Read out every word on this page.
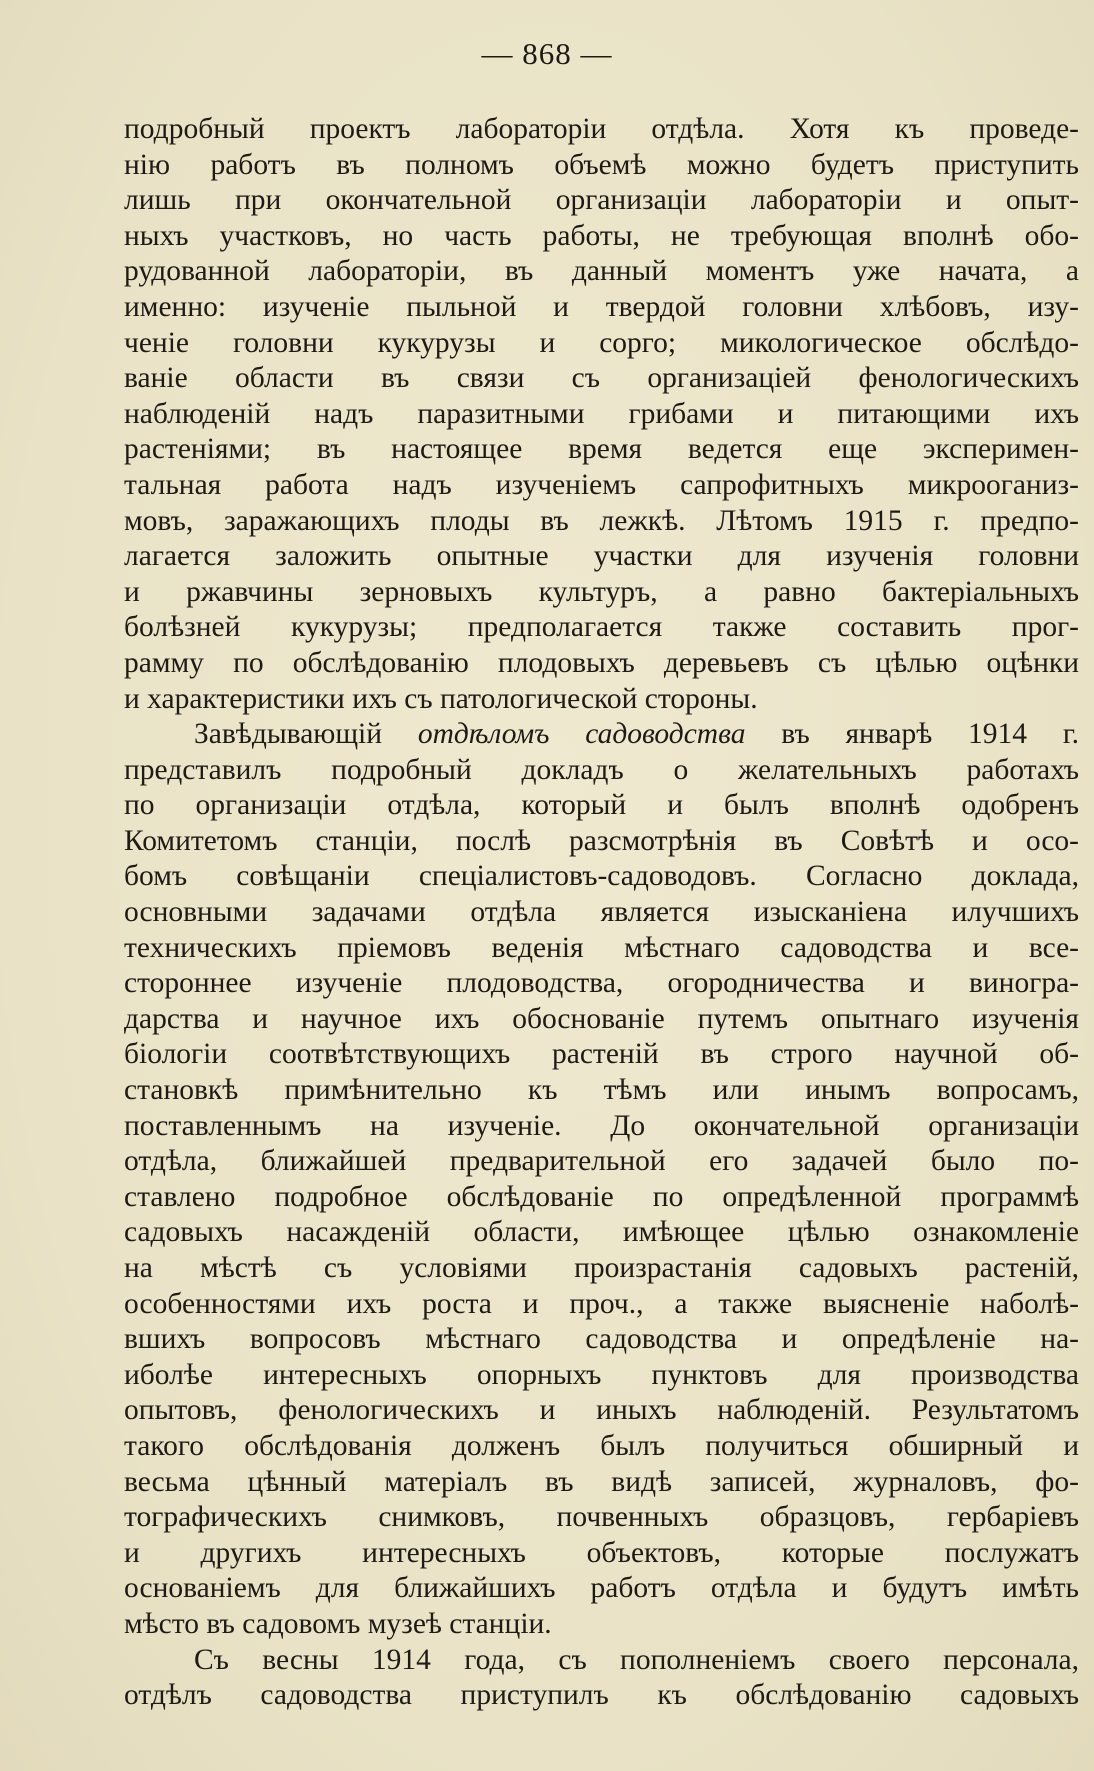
— 868 —
подробный проектъ лабораторіи отдѣла. Хотя къ проведе-
нію работъ въ полномъ объемѣ можно будетъ приступить
лишь при окончательной организаціи лабораторіи и опыт-
ныхъ участковъ, но часть работы, не требующая вполнѣ обо-
рудованной лабораторіи, въ данный моментъ уже начата, а
именно: изученіе пыльной и твердой головни хлѣбовъ, изу-
ченіе головни кукурузы и сорго; микологическое обслѣдо-
ваніе области въ связи съ организаціей фенологическихъ
наблюденій надъ паразитными грибами и питающими ихъ
растеніями; въ настоящее время ведется еще эксперимен-
тальная работа надъ изученіемъ сапрофитныхъ микрооганиз-
мовъ, заражающихъ плоды въ лежкѣ. Лѣтомъ 1915 г. предпо-
лагается заложить опытные участки для изученія головни
и ржавчины зерновыхъ культуръ, а равно бактеріальныхъ
болѣзней кукурузы; предполагается также составить прог-
рамму по обслѣдованію плодовыхъ деревьевъ съ цѣлью оцѣнки
и характеристики ихъ съ патологической стороны.
Завѣдывающій отдѣломъ садоводства въ январѣ 1914 г.
представилъ подробный докладъ о желательныхъ работахъ
по организаціи отдѣла, который и былъ вполнѣ одобренъ
Комитетомъ станціи, послѣ разсмотрѣнія въ Совѣтѣ и осо-
бомъ совѣщаніи спеціалистовъ-садоводовъ. Согласно доклада,
основными задачами отдѣла является изысканіена илучшихъ
техническихъ пріемовъ веденія мѣстнаго садоводства и все-
стороннее изученіе плодоводства, огородничества и виногра-
дарства и научное ихъ обоснованіе путемъ опытнаго изученія
біологіи соотвѣтствующихъ растеній въ строго научной об-
становкѣ примѣнительно къ тѣмъ или инымъ вопросамъ,
поставленнымъ на изученіе. До окончательной организаціи
отдѣла, ближайшей предварительной его задачей было по-
ставлено подробное обслѣдованіе по опредѣленной программѣ
садовыхъ насажденій области, имѣющее цѣлью ознакомленіе
на мѣстѣ съ условіями произрастанія садовыхъ растеній,
особенностями ихъ роста и проч., а также выясненіе наболѣ-
вшихъ вопросовъ мѣстнаго садоводства и опредѣленіе на-
иболѣе интересныхъ опорныхъ пунктовъ для производства
опытовъ, фенологическихъ и иныхъ наблюденій. Результатомъ
такого обслѣдованія долженъ былъ получиться обширный и
весьма цѣнный матеріалъ въ видѣ записей, журналовъ, фо-
тографическихъ снимковъ, почвенныхъ образцовъ, гербаріевъ
и другихъ интересныхъ объектовъ, которые послужатъ
основаніемъ для ближайшихъ работъ отдѣла и будутъ имѣть
мѣсто въ садовомъ музеѣ станціи.
Съ весны 1914 года, съ пополненіемъ своего персонала,
отдѣлъ садоводства приступилъ къ обслѣдованію садовыхъ
